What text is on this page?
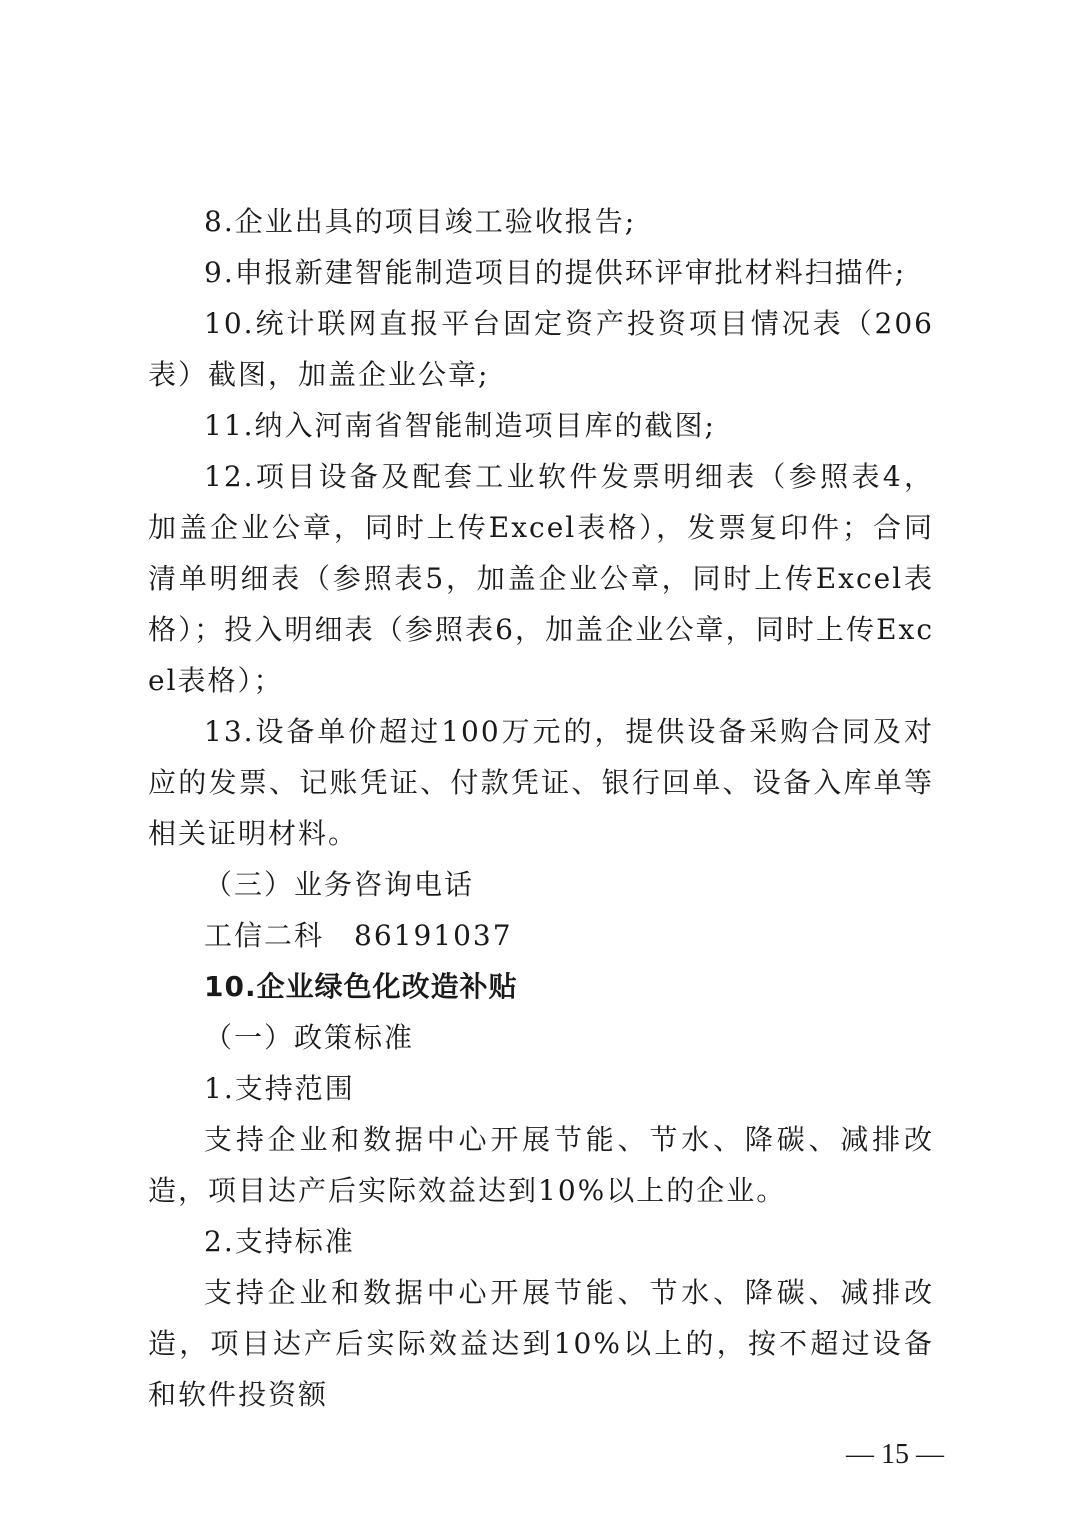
8.企业出具的项目竣工验收报告;

9.申报新建智能制造项目的提供环评审批材料扫描件;

10.统计联网直报平台固定资产投资项目情况表（206表）截图，加盖企业公章;

11.纳入河南省智能制造项目库的截图;

12.项目设备及配套工业软件发票明细表（参照表4，加盖企业公章，同时上传Excel表格），发票复印件；合同清单明细表（参照表5，加盖企业公章，同时上传Excel表格）；投入明细表（参照表6，加盖企业公章，同时上传Excel表格）；

13.设备单价超过100万元的，提供设备采购合同及对应的发票、记账凭证、付款凭证、银行回单、设备入库单等相关证明材料。

（三）业务咨询电话

工信二科　86191037

10.企业绿色化改造补贴

（一）政策标准

1.支持范围

支持企业和数据中心开展节能、节水、降碳、减排改造，项目达产后实际效益达到10%以上的企业。

2.支持标准

支持企业和数据中心开展节能、节水、降碳、减排改造，项目达产后实际效益达到10%以上的，按不超过设备和软件投资额

— 15 —
